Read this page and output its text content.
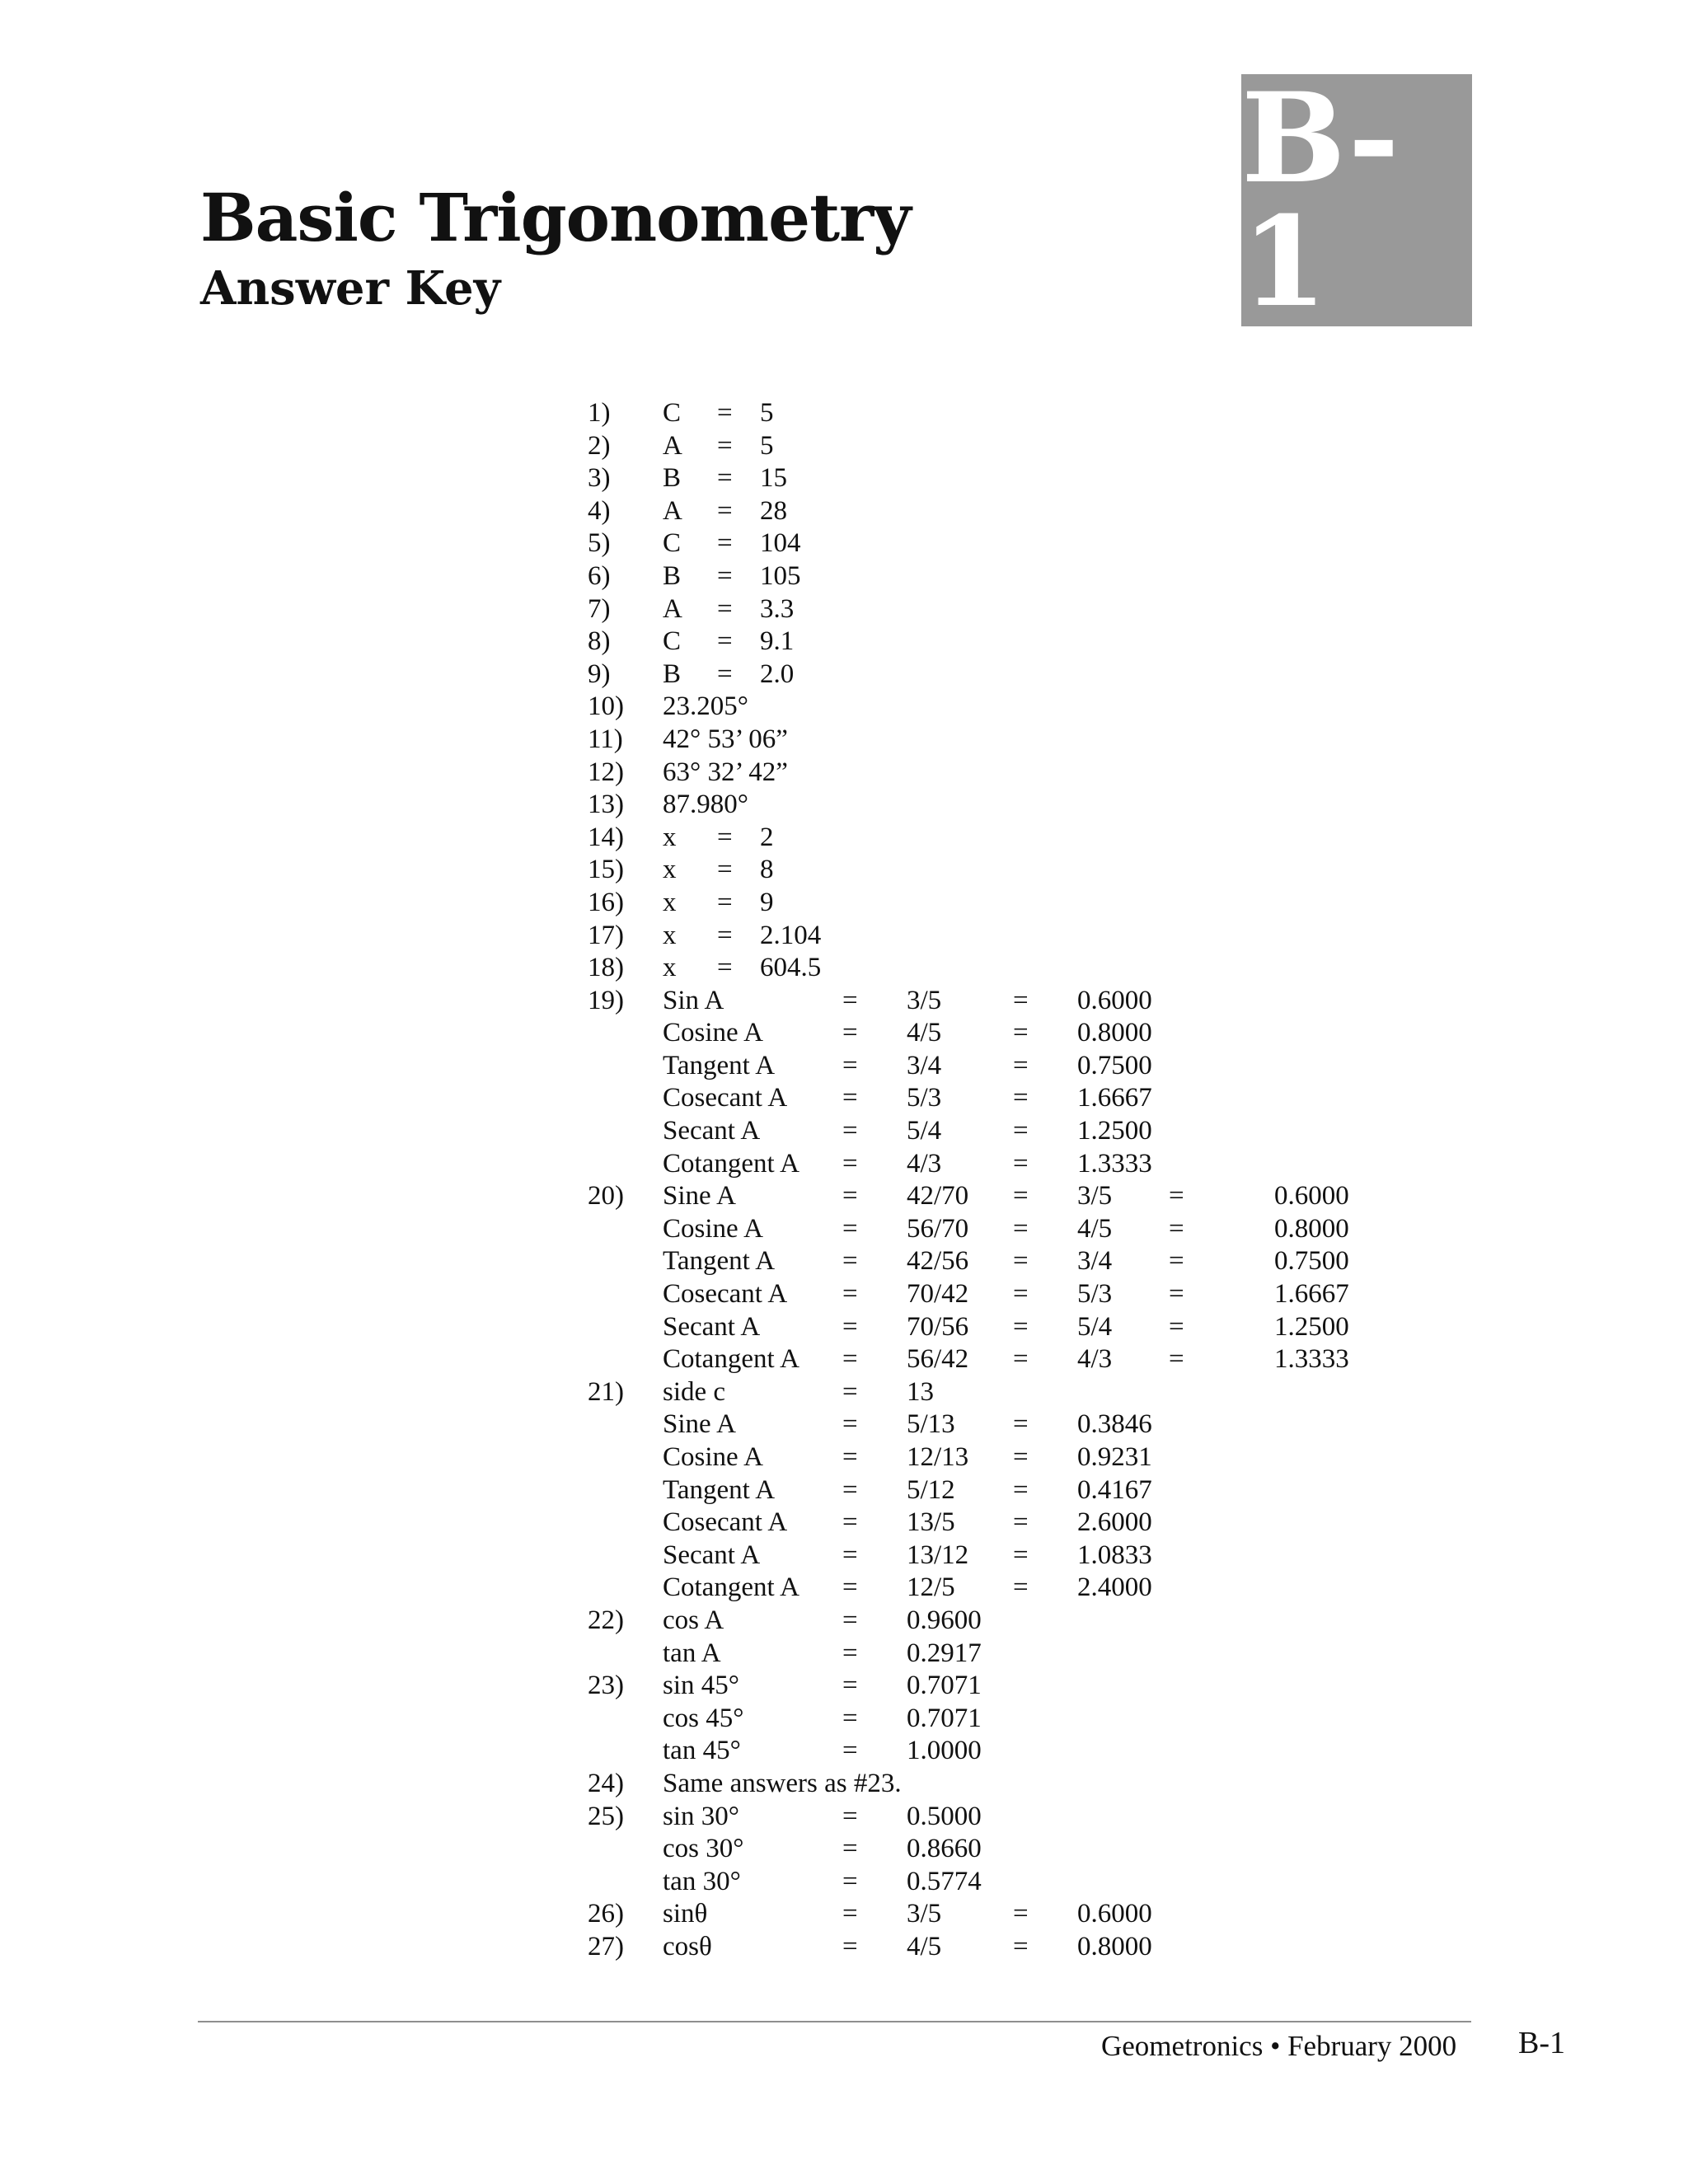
Basic Trigonometry
Answer Key
B-1
1) C = 5
2) A = 5
3) B = 15
4) A = 28
5) C = 104
6) B = 105
7) A = 3.3
8) C = 9.1
9) B = 2.0
10) 23.205°
11) 42° 53’ 06”
12) 63° 32’ 42”
13) 87.980°
14) x = 2
15) x = 8
16) x = 9
17) x = 2.104
18) x = 604.5
19) Sin A	= 3/5	= 0.6000
Cosine A	= 4/5	= 0.8000
Tangent A = 3/4	= 0.7500
Cosecant A = 5/3	= 1.6667
Secant A	= 5/4	= 1.2500
Cotangent A = 4/3	= 1.3333
20) Sine A	= 42/70 = 3/5 =	0.6000
Cosine A	= 56/70 = 4/5 =	0.8000
Tangent A = 42/56 = 3/4 =	0.7500
Cosecant A = 70/42 = 5/3 =	1.6667
Secant A	= 70/56 = 5/4 =	1.2500
Cotangent A = 56/42 = 4/3 =	1.3333
21) side c	= 13
Sine A	= 5/13 = 0.3846
Cosine A	= 12/13 = 0.9231
Tangent A = 5/12 = 0.4167
Cosecant A = 13/5 = 2.6000
Secant A	= 13/12 = 1.0833
Cotangent A = 12/5 = 2.4000
22) cos A	= 0.9600
tan A	= 0.2917
23) sin 45°	= 0.7071
cos 45°	= 0.7071
tan 45°	= 1.0000
24) Same answers as #23.
25) sin 30°	= 0.5000
cos 30°	= 0.8660
tan 30°	= 0.5774
26) sinθ	= 3/5	= 0.6000
27) cosθ	= 4/5	= 0.8000
Geometronics • February 2000 B-1
